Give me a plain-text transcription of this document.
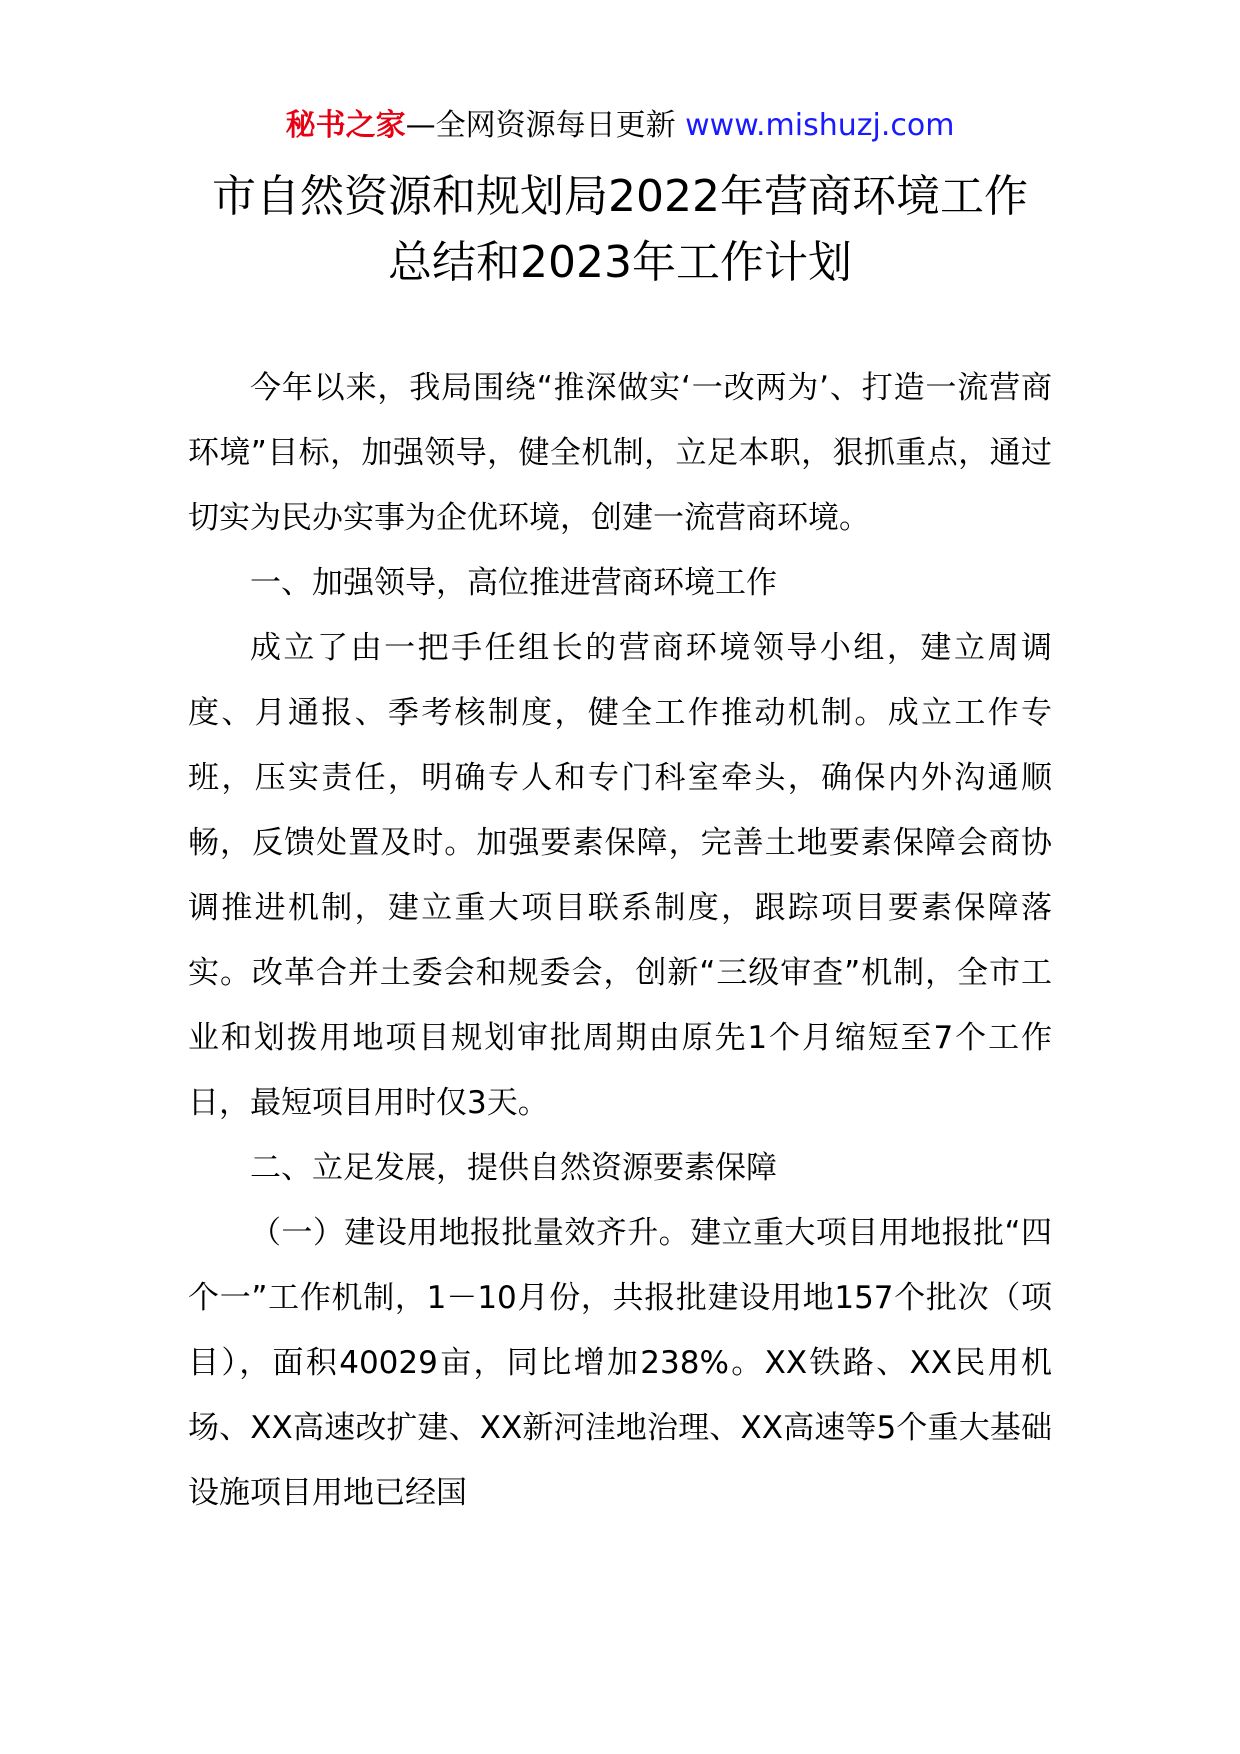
秘书之家—全网资源每日更新 www.mishuzj.com
市自然资源和规划局2022年营商环境工作
总结和2023年工作计划

今年以来，我局围绕“推深做实‘一改两为’、打造一流营商环境”目标，加强领导，健全机制，立足本职，狠抓重点，通过切实为民办实事为企优环境，创建一流营商环境。

一、加强领导，高位推进营商环境工作

成立了由一把手任组长的营商环境领导小组，建立周调度、月通报、季考核制度，健全工作推动机制。成立工作专班，压实责任，明确专人和专门科室牵头，确保内外沟通顺畅，反馈处置及时。加强要素保障，完善土地要素保障会商协调推进机制，建立重大项目联系制度，跟踪项目要素保障落实。改革合并土委会和规委会，创新“三级审查”机制，全市工业和划拨用地项目规划审批周期由原先1个月缩短至7个工作日，最短项目用时仅3天。

二、立足发展，提供自然资源要素保障

（一）建设用地报批量效齐升。建立重大项目用地报批“四个一”工作机制，1－10月份，共报批建设用地157个批次（项目），面积40029亩，同比增加238%。XX铁路、XX民用机场、XX高速改扩建、XX新河洼地治理、XX高速等5个重大基础设施项目用地已经国
